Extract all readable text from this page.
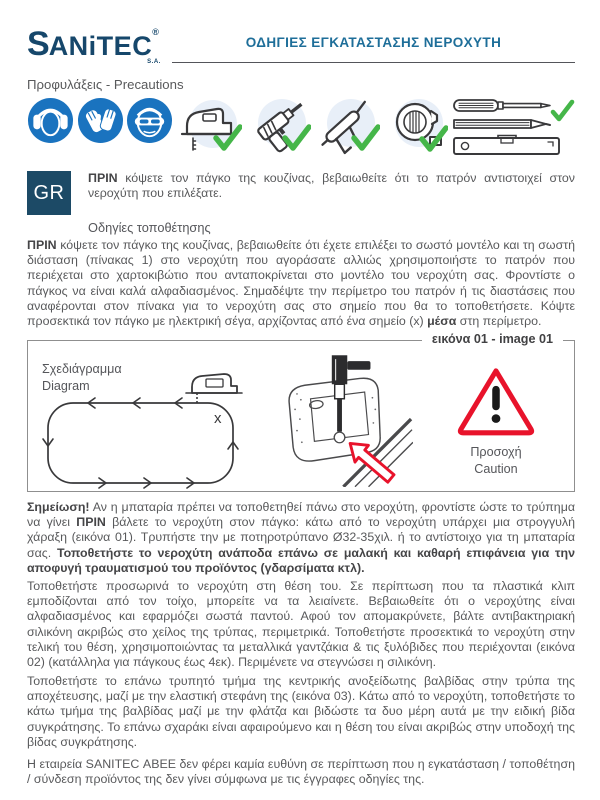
SANiTEC®
S.A.
ΟΔΗΓΙΕΣ ΕΓΚΑΤΑΣΤΑΣΗΣ ΝΕΡΟΧΥΤΗ
Προφυλάξεις - Precautions
GR
ΠΡΙΝ κόψετε τον πάγκο της κουζίνας, βεβαιωθείτε ότι το πατρόν αντιστοιχεί στον νεροχύτη που επιλέξατε.
Οδηγίες τοποθέτησης
ΠΡΙΝ κόψετε τον πάγκο της κουζίνας, βεβαιωθείτε ότι έχετε επιλέξει το σωστό μοντέλο και τη σωστή διάσταση (πίνακας 1) στο νεροχύτη που αγοράσατε αλλιώς χρησιμοποιήστε το πατρόν που περιέχεται στο χαρτοκιβώτιο που ανταποκρίνεται στο μοντέλο του νεροχύτη σας. Φροντίστε ο πάγκος να είναι καλά αλφαδιασμένος. Σημαδέψτε την περίμετρο του πατρόν ή τις διαστάσεις που αναφέρονται στον πίνακα για το νεροχύτη σας στο σημείο που θα το τοποθετήσετε. Κόψτε προσεκτικά τον πάγκο με ηλεκτρική σέγα, αρχίζοντας από ένα σημείο (x) μέσα στη περίμετρο.
εικόνα 01 - image 01
Σχεδιάγραμμα
Diagram
x
Προσοχή
Caution
Σημείωση! Αν η μπαταρία πρέπει να τοποθετηθεί πάνω στο νεροχύτη, φροντίστε ώστε το τρύπημα να γίνει ΠΡΙΝ βάλετε το νεροχύτη στον πάγκο: κάτω από το νεροχύτη υπάρχει μια στρογγυλή χάραξη (εικόνα 01). Τρυπήστε την με ποτηροτρύπανο Ø32-35χιλ. ή το αντίστοιχο για τη μπαταρία σας. Τοποθετήστε το νεροχύτη ανάποδα επάνω σε μαλακή και καθαρή επιφάνεια για την αποφυγή τραυματισμού του προϊόντος (γδαρσίματα κτλ).
Τοποθετήστε προσωρινά το νεροχύτη στη θέση του. Σε περίπτωση που τα πλαστικά κλιπ εμποδίζονται από τον τοίχο, μπορείτε να τα λειαίνετε. Βεβαιωθείτε ότι ο νεροχύτης είναι αλφαδιασμένος και εφαρμόζει σωστά παντού. Αφού τον απομακρύνετε, βάλτε αντιβακτηριακή σιλικόνη ακριβώς στο χείλος της τρύπας, περιμετρικά. Τοποθετήστε προσεκτικά το νεροχύτη στην τελική του θέση, χρησιμοποιώντας τα μεταλλικά γαντζάκια & τις ξυλόβιδες που περιέχονται (εικόνα 02) (κατάλληλα για πάγκους έως 4εκ). Περιμένετε να στεγνώσει η σιλικόνη.
Τοποθετήστε το επάνω τρυπητό τμήμα της κεντρικής ανοξείδωτης βαλβίδας στην τρύπα της αποχέτευσης, μαζί με την ελαστική στεφάνη της (εικόνα 03). Κάτω από το νεροχύτη, τοποθετήστε το κάτω τμήμα της βαλβίδας μαζί με την φλάτζα και βιδώστε τα δυο μέρη αυτά με την ειδική βίδα συγκράτησης. Το επάνω σχαράκι είναι αφαιρούμενο και η θέση του είναι ακριβώς στην υποδοχή της βίδας συγκράτησης.
Η εταιρεία SANITEC ΑΒΕΕ δεν φέρει καμία ευθύνη σε περίπτωση που η εγκατάσταση / τοποθέτηση / σύνδεση προϊόντος της δεν γίνει σύμφωνα με τις έγγραφες οδηγίες της.
